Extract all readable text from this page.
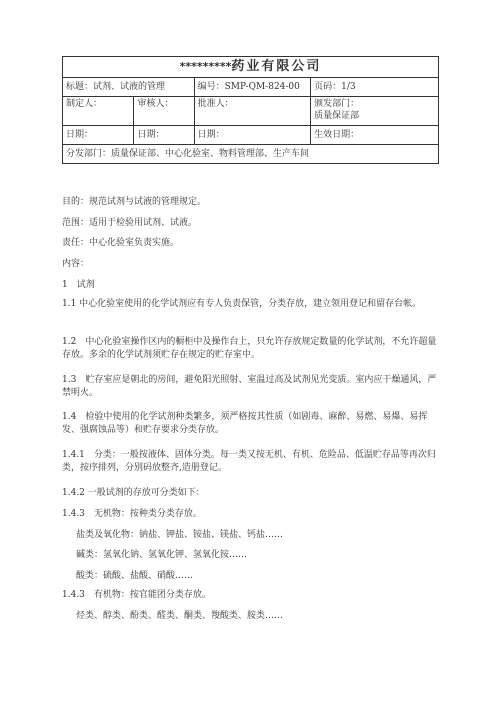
*********药业有限公司			
标题：试剂、试液的管理		编号：SMP-QM-824-00	页码：1/3
制定人：	审核人：	批准人：	颁发部门：
质量保证部

日期：	日期：	日期：	生效日期：
分发部门：质量保证部、中心化验室、物料管理部、生产车间			

目的：规范试剂与试液的管理规定。

范围：适用于检验用试剂、试液。

责任：中心化验室负责实施。

内容：

1　试剂

1.1 中心化验室使用的化学试剂应有专人负责保管，分类存放，建立领用登记和留存台帐。

1.2　中心化验室操作区内的橱柜中及操作台上，只允许存放规定数量的化学试剂，不允许超量存放。多余的化学试剂须贮存在规定的贮存室中。

1.3　贮存室应是朝北的房间，避免阳光照射、室温过高及试剂见光变质。室内应干燥通风，严禁明火。

1.4　检验中使用的化学试剂种类繁多，须严格按其性质（如剧毒、麻醉、易燃、易爆、易挥发、强腐蚀品等）和贮存要求分类存放。

1.4.1　分类：一般按液体、固体分类。每一类又按无机、有机、危险品、低温贮存品等再次归类，按序排列，分别码放整齐,造册登记。

1.4.2 一般试剂的存放可分类如下：

1.4.3　无机物：按种类分类存放。

盐类及氧化物：钠盐、钾盐、铵盐、镁盐、钙盐……

碱类：氢氧化钠、氢氧化钾、氢氧化铵……

酸类：硫酸、盐酸、硝酸……

1.4.3　有机物：按官能团分类存放。

烃类、醇类、酚类、醛类、酮类、羧酸类、胺类……
